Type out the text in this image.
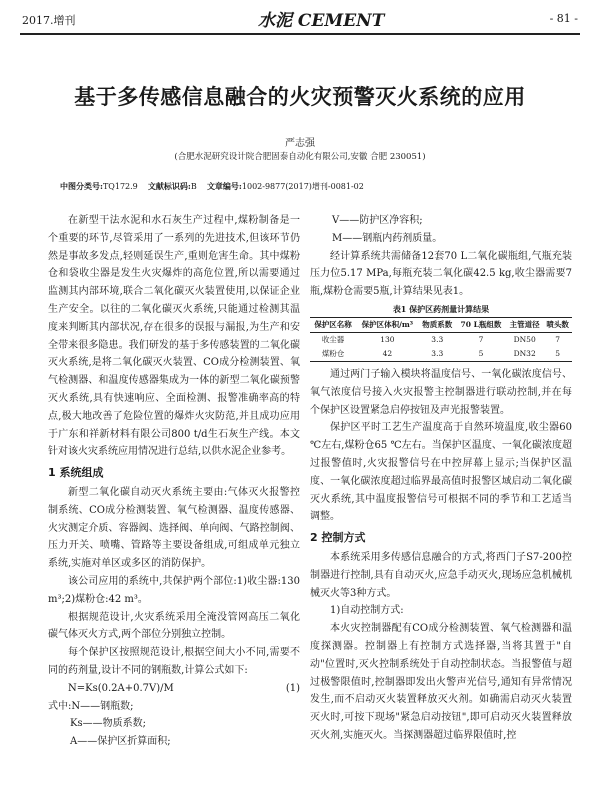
2017.增刊	水泥 CEMENT	- 81 -
基于多传感信息融合的火灾预警灭火系统的应用
严志强
(合肥水泥研究设计院合肥固泰自动化有限公司,安徽 合肥 230051)
中图分类号:TQ172.9 文献标识码:B 文章编号:1002-9877(2017)增刊-0081-02

在新型干法水泥和水石灰生产过程中,煤粉制备是一个重要的环节,尽管采用了一系列的先进技术,但该环节仍然是事故多发点,轻则延误生产,重则危害生命。其中煤粉仓和袋收尘器是发生火灾爆炸的高危位置,所以需要通过监测其内部环境,联合二氧化碳灭火装置使用,以保证企业生产安全。以往的二氧化碳灭火系统,只能通过检测其温度来判断其内部状况,存在很多的误报与漏报,为生产和安全带来很多隐患。我们研发的基于多传感装置的二氧化碳灭火系统,是将二氧化碳灭火装置、CO成分检测装置、氧气检测器、和温度传感器集成为一体的新型二氧化碳预警灭火系统,具有快速响应、全面检测、报警准确率高的特点,极大地改善了危险位置的爆炸火灾防范,并且成功应用于广东和祥新材料有限公司800 t/d生石灰生产线。本文针对该火灾系统应用情况进行总结,以供水泥企业参考。

1 系统组成

新型二氧化碳自动灭火系统主要由:气体灭火报警控制系统、CO成分检测装置、氧气检测器、温度传感器、火灾测定介质、容器阀、选择阀、单向阀、气路控制阀、压力开关、喷嘴、管路等主要设备组成,可组成单元独立系统,实施对单区或多区的消防保护。

该公司应用的系统中,共保护两个部位:1)收尘器:130 m³;2)煤粉仓:42 m³。

根据规范设计,火灾系统采用全淹没管网高压二氧化碳气体灭火方式,两个部位分别独立控制。

每个保护区按照规范设计,根据空间大小不同,需要不同的药剂量,设计不同的钢瓶数,计算公式如下:

N=Ks(0.2A+0.7V)/M	(1)

式中:N——钢瓶数;

Ks——物质系数;

A——保护区折算面积;

V——防护区净容积;

M——钢瓶内药剂质量。

经计算系统共需储备12套70 L二氧化碳瓶组,气瓶充装压力位5.17 MPa,每瓶充装二氧化碳42.5 kg,收尘器需要7瓶,煤粉仓需要5瓶,计算结果见表1。

表1 保护区药剂量计算结果
保护区名称	保护区体积/m³	物质系数	70 L瓶组数	主管道径	喷头数
收尘器	130	3.3	7	DN50	7
煤粉仓	42	3.3	5	DN32	5

通过两门子输入模块将温度信号、一氧化碳浓度信号、氧气浓度信号接入火灾报警主控制器进行联动控制,并在每个保护区设置紧急启停按钮及声光报警装置。

保护区平时工艺生产温度高于自然环境温度,收尘器60 ℃左右,煤粉仓65 ℃左右。当保护区温度、一氧化碳浓度超过报警值时,火灾报警信号在中控屏幕上显示;当保护区温度、一氧化碳浓度超过临界最高值时报警区域启动二氧化碳灭火系统,其中温度报警信号可根据不同的季节和工艺适当调整。

2 控制方式

本系统采用多传感信息融合的方式,将西门子S7-200控制器进行控制,具有自动灭火,应急手动灭火,现场应急机械机械灭火等3种方式。

1)自动控制方式:

本火灾控制器配有CO成分检测装置、氧气检测器和温度探测器。控制器上有控制方式选择器,当将其置于"自动"位置时,灭火控制系统处于自动控制状态。当报警值与超过极警限值时,控制器即发出火警声光信号,通知有异常情况发生,而不启动灭火装置释放灭火剂。如确需启动灭火装置灭火时,可按下现场"紧急启动按钮",即可启动灭火装置释放灭火剂,实施灭火。当探测器超过临界限值时,控
